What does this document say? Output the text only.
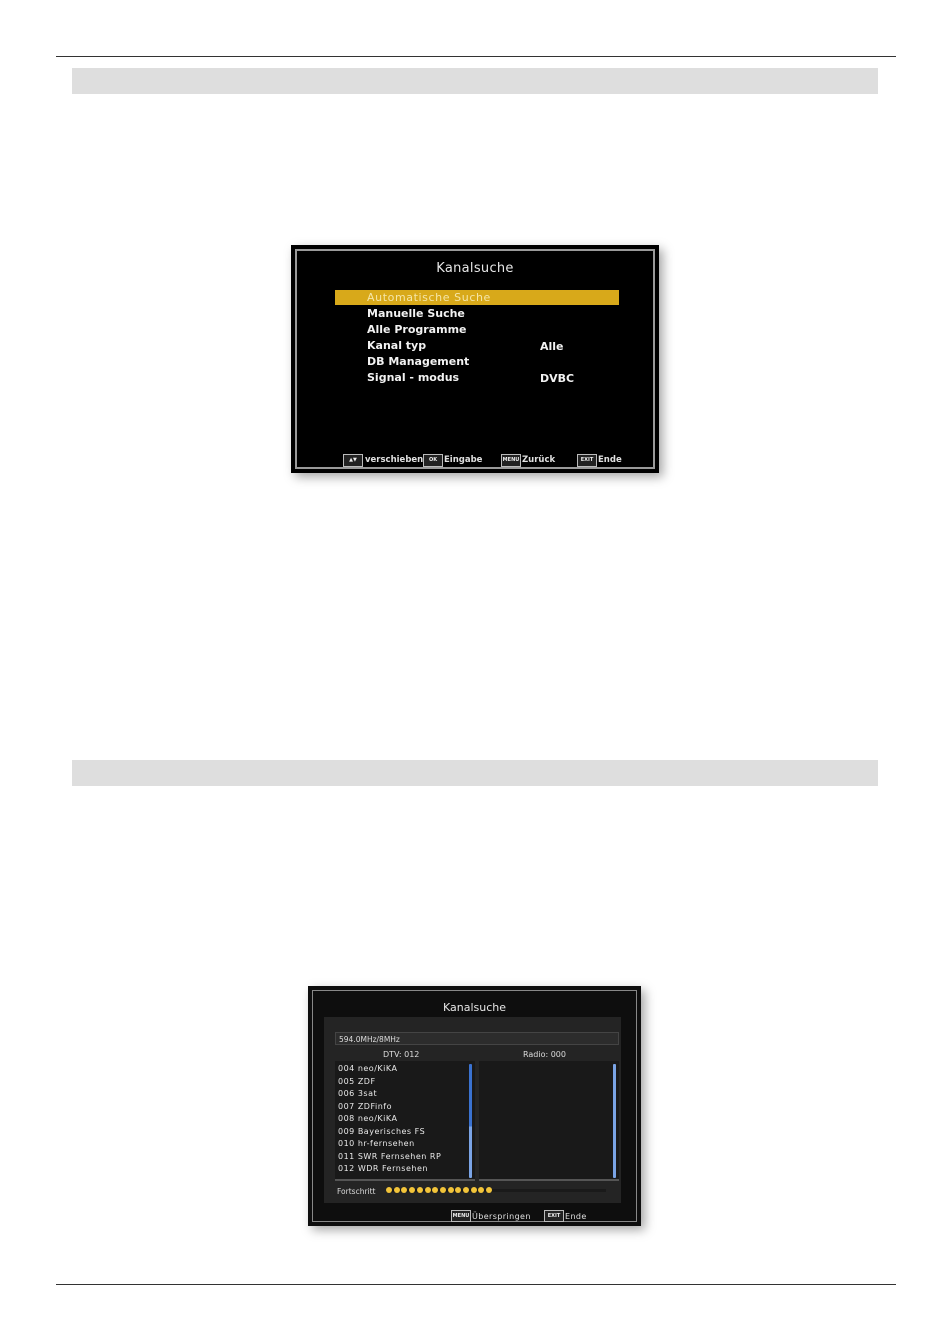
Kanalsuche
Automatische Suche
Manuelle Suche
Alle Programme
Kanal typ	Alle
DB Management
Signal - modus	DVBC
▲▼ verschieben	OK Eingabe	MENU Zurück	EXIT Ende
Kanalsuche
594.0MHz/8MHz
DTV: 012	Radio: 000
004 neo/KiKA
005 ZDF
006 3sat
007 ZDFinfo
008 neo/KiKA
009 Bayerisches FS
010 hr-fernsehen
011 SWR Fernsehen RP
012 WDR Fernsehen
Fortschritt
MENU Überspringen	EXIT Ende
